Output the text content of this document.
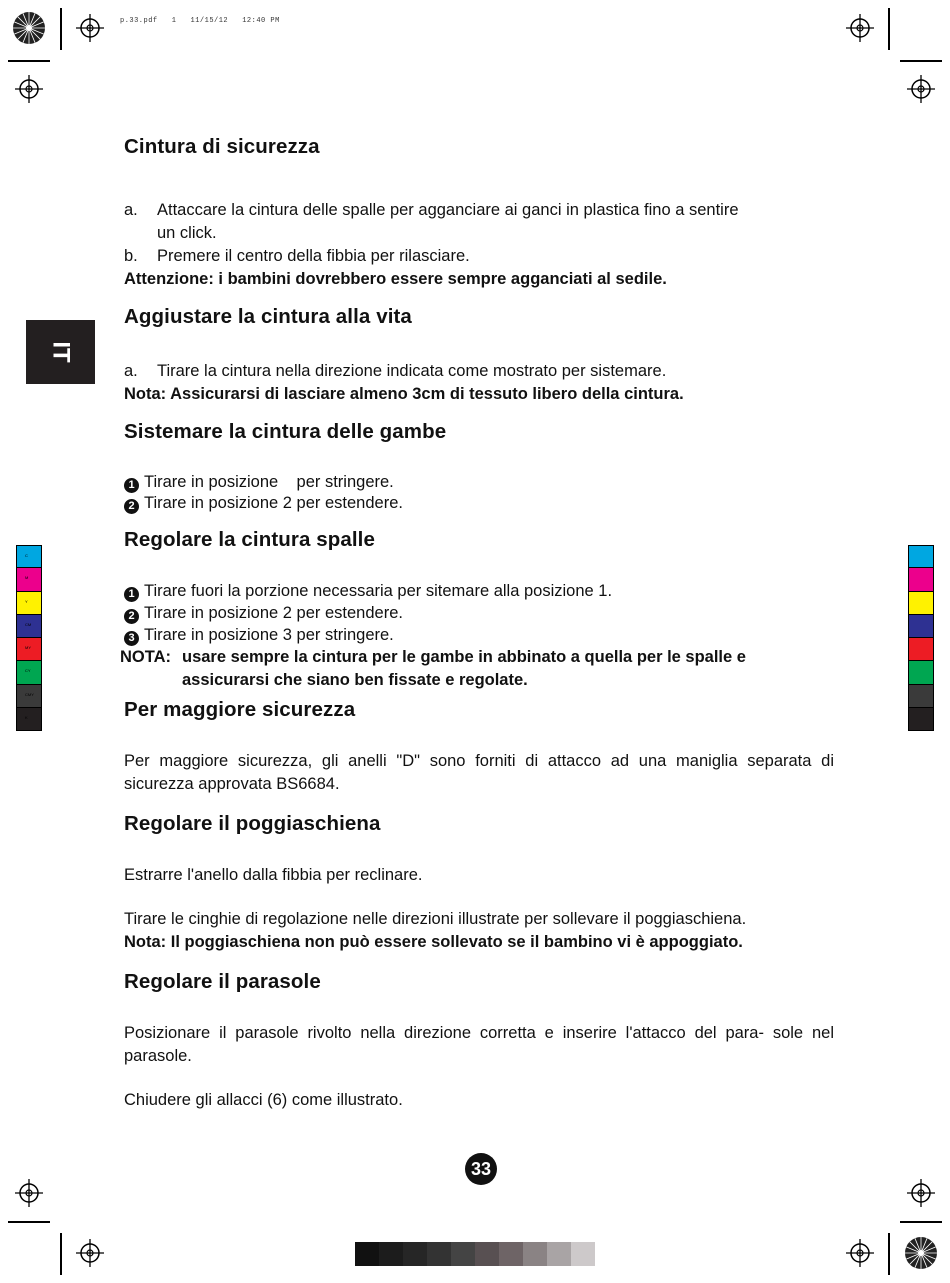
p.33.pdf   1   11/15/12   12:40 PM
IT
C
M
Y
CM
MY
CY
CMY
K
Cintura di sicurezza
a. Attaccare la cintura delle spalle per agganciare ai ganci in plastica fino a sentire
un click.
b. Premere il centro della fibbia per rilasciare.
Attenzione: i bambini dovrebbero essere sempre agganciati al sedile.
Aggiustare la cintura alla vita
a. Tirare la cintura nella direzione indicata come mostrato per sistemare.
Nota: Assicurarsi di lasciare almeno 3cm di tessuto libero della cintura.
Sistemare la cintura delle gambe
1 Tirare in posizione    per stringere.
2 Tirare in posizione 2 per estendere.
Regolare la cintura spalle
1 Tirare fuori la porzione necessaria per sitemare alla posizione 1.
2 Tirare in posizione 2 per estendere.
3 Tirare in posizione 3 per stringere.
NOTA: usare sempre la cintura per le gambe in abbinato a quella per le spalle e
assicurarsi che siano ben fissate e regolate.
Per maggiore sicurezza

Per maggiore sicurezza, gli anelli "D" sono forniti di attacco ad una maniglia separata di sicurezza approvata BS6684.

Regolare il poggiaschiena

Estrarre l'anello dalla fibbia per reclinare.

Tirare le cinghie di regolazione nelle direzioni illustrate per sollevare il poggiaschiena.

Nota: Il poggiaschiena non può essere sollevato se il bambino vi è appoggiato.
Regolare il parasole

Posizionare il parasole rivolto nella direzione corretta e inserire l'attacco del para- sole nel parasole.

Chiudere gli allacci (6) come illustrato.

33
